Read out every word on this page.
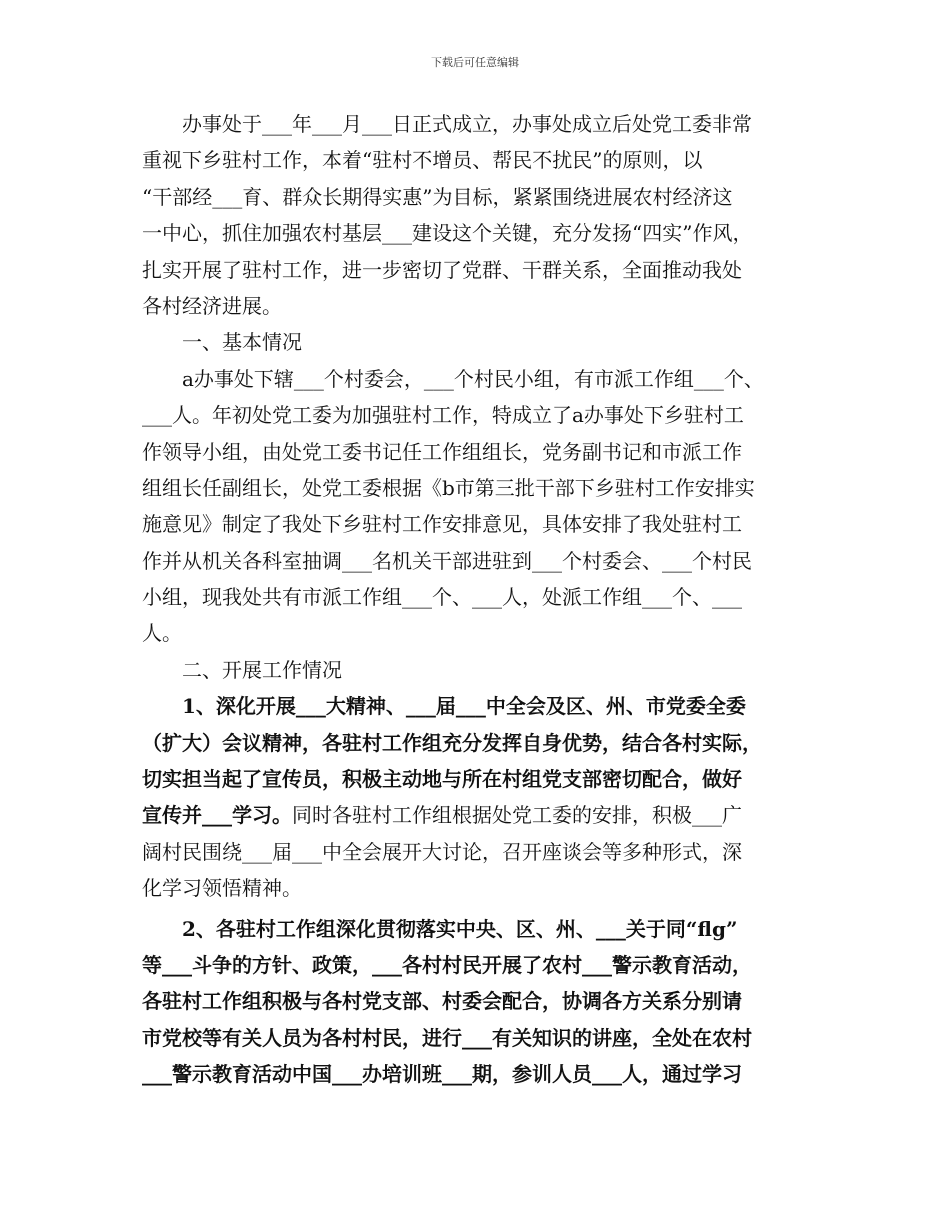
下载后可任意编辑
　　办事处于___年___月___日正式成立，办事处成立后处党工委非常
重视下乡驻村工作，本着“驻村不增员、帮民不扰民”的原则，以
“干部经___育、群众长期得实惠”为目标，紧紧围绕进展农村经济这
一中心，抓住加强农村基层___建设这个关键，充分发扬“四实”作风，
扎实开展了驻村工作，进一步密切了党群、干群关系，全面推动我处
各村经济进展。
　　一、基本情况
　　a办事处下辖___个村委会，___个村民小组，有市派工作组___个、
___人。年初处党工委为加强驻村工作，特成立了a办事处下乡驻村工
作领导小组，由处党工委书记任工作组组长，党务副书记和市派工作
组组长任副组长，处党工委根据《b市第三批干部下乡驻村工作安排实
施意见》制定了我处下乡驻村工作安排意见，具体安排了我处驻村工
作并从机关各科室抽调___名机关干部进驻到___个村委会、___个村民
小组，现我处共有市派工作组___个、___人，处派工作组___个、___
人。
　　二、开展工作情况
　　1、深化开展___大精神、___届___中全会及区、州、市党委全委
（扩大）会议精神，各驻村工作组充分发挥自身优势，结合各村实际，
切实担当起了宣传员，积极主动地与所在村组党支部密切配合，做好
宣传并___学习。同时各驻村工作组根据处党工委的安排，积极___广
阔村民围绕___届___中全会展开大讨论，召开座谈会等多种形式，深
化学习领悟精神。
　　2、各驻村工作组深化贯彻落实中央、区、州、___关于同“flg”
等___斗争的方针、政策，___各村村民开展了农村___警示教育活动，
各驻村工作组积极与各村党支部、村委会配合，协调各方关系分别请
市党校等有关人员为各村村民，进行___有关知识的讲座，全处在农村
___警示教育活动中国___办培训班___期，参训人员___人，通过学习
